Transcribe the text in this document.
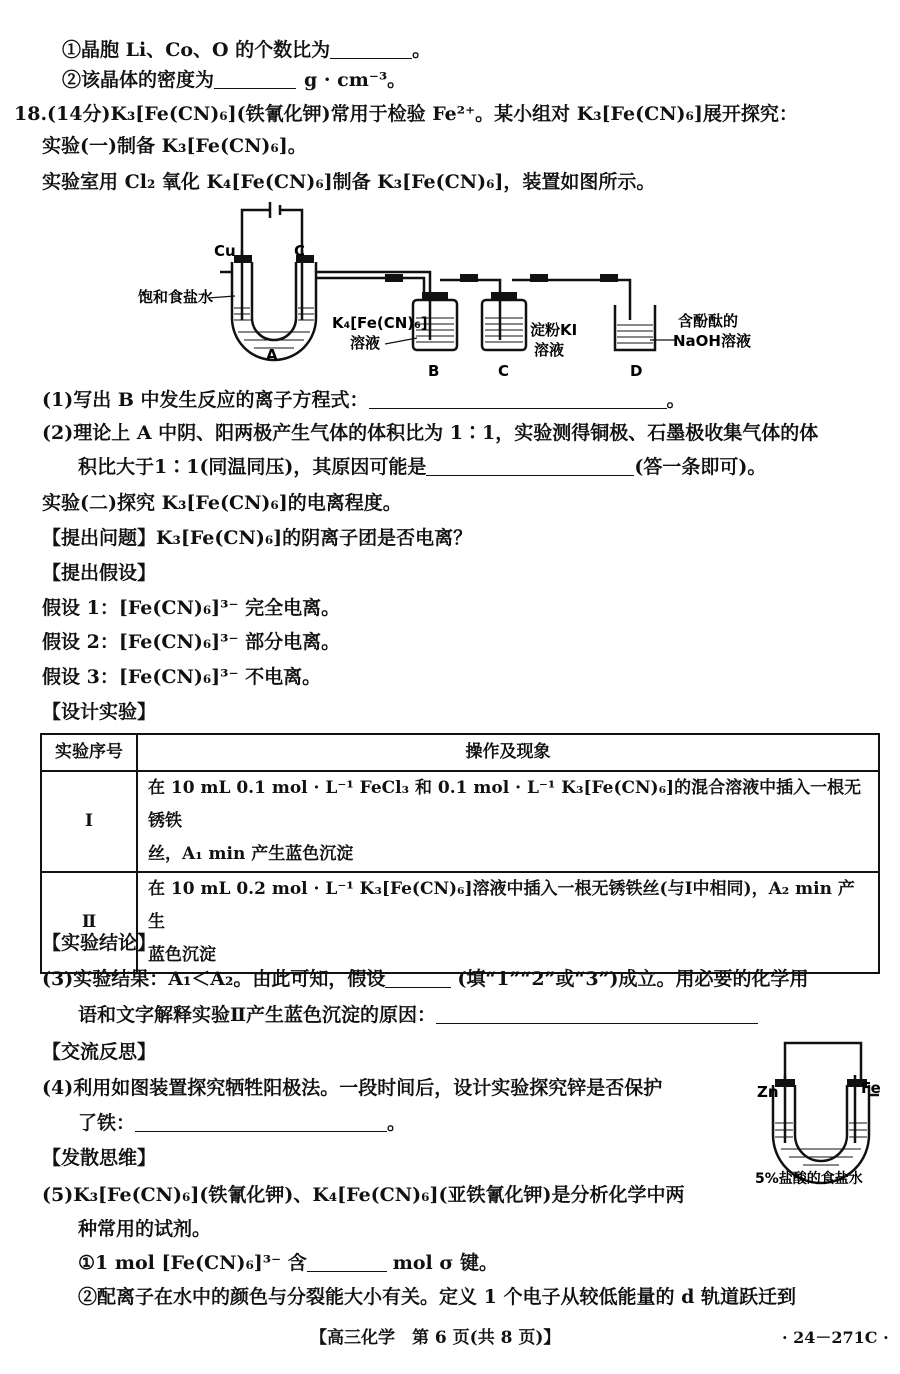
①晶胞 Li、Co、O 的个数比为	。
②该晶体的密度为	g · cm⁻³。
18.(14分)K₃[Fe(CN)₆](铁氰化钾)常用于检验 Fe²⁺。某小组对 K₃[Fe(CN)₆]展开探究：
实验(一)制备 K₃[Fe(CN)₆]。
实验室用 Cl₂ 氧化 K₄[Fe(CN)₆]制备 K₃[Fe(CN)₆]，装置如图所示。
Cu	C
饱和食盐水
A
K₄[Fe(CN)₆]
溶液
B
淀粉KI
溶液
C
含酚酞的
NaOH溶液
D
(1)写出 B 中发生反应的离子方程式：	。
(2)理论上 A 中阴、阳两极产生气体的体积比为 1∶1，实验测得铜极、石墨极收集气体的体
积比大于1∶1(同温同压)，其原因可能是	(答一条即可)。
实验(二)探究 K₃[Fe(CN)₆]的电离程度。
【提出问题】K₃[Fe(CN)₆]的阴离子团是否电离？
【提出假设】
假设 1：[Fe(CN)₆]³⁻ 完全电离。
假设 2：[Fe(CN)₆]³⁻ 部分电离。
假设 3：[Fe(CN)₆]³⁻ 不电离。
【设计实验】
实验序号	操作及现象
Ⅰ	在 10 mL 0.1 mol · L⁻¹ FeCl₃ 和 0.1 mol · L⁻¹ K₃[Fe(CN)₆]的混合溶液中插入一根无锈铁
丝，A₁ min 产生蓝色沉淀

Ⅱ	在 10 mL 0.2 mol · L⁻¹ K₃[Fe(CN)₆]溶液中插入一根无锈铁丝(与Ⅰ中相同)，A₂ min 产生
蓝色沉淀
【实验结论】
(3)实验结果：A₁＜A₂。由此可知，假设	(填“1”“2”或“3”)成立。用必要的化学用
语和文字解释实验Ⅱ产生蓝色沉淀的原因：
【交流反思】
(4)利用如图装置探究牺牲阳极法。一段时间后，设计实验探究锌是否保护
了铁：	。
Zn	Fe
5%盐酸的食盐水
【发散思维】
(5)K₃[Fe(CN)₆](铁氰化钾)、K₄[Fe(CN)₆](亚铁氰化钾)是分析化学中两
种常用的试剂。
①1 mol [Fe(CN)₆]³⁻ 含	mol σ 键。
②配离子在水中的颜色与分裂能大小有关。定义 1 个电子从较低能量的 d 轨道跃迁到
【高三化学　第 6 页(共 8 页)】	· 24－271C ·
